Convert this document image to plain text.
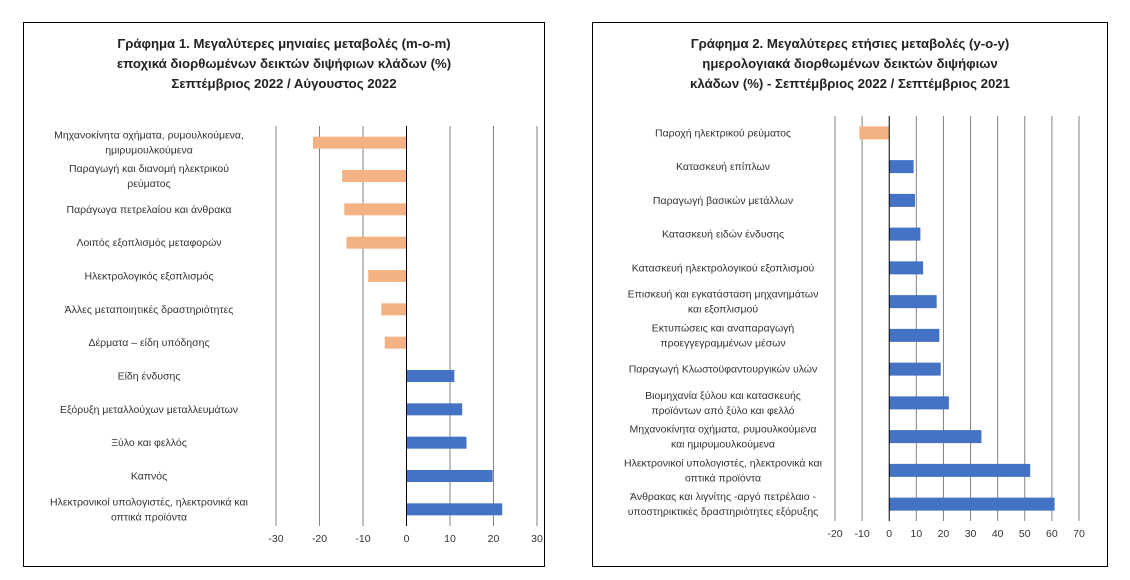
Γράφημα 1. Μεγαλύτερες μηνιαίες μεταβολές (m-o-m)
εποχικά διορθωμένων δεικτών διψήφιων κλάδων (%)
Σεπτέμβριος 2022 / Αύγουστος 2022
Μηχανοκίνητα οχήματα, ρυμουλκούμενα,
ημιρυμουλκούμενα
Παραγωγή και διανομή ηλεκτρικού
ρεύματος
Παράγωγα πετρελαίου και άνθρακα
Λοιπός εξοπλισμός μεταφορών
Ηλεκτρολογικός εξοπλισμός
Άλλες μεταποιητικές δραστηριότητες
Δέρματα – είδη υπόδησης
Είδη ένδυσης
Εξόρυξη μεταλλούχων μεταλλευμάτων
Ξύλο και φελλός
Καπνός
Ηλεκτρονικοί υπολογιστές, ηλεκτρονικά και
οπτικά προϊόντα
-30	-20	-10	0	10	20	30
Γράφημα 2. Μεγαλύτερες ετήσιες μεταβολές (y-o-y)
ημερολογιακά διορθωμένων δεικτών διψήφιων
κλάδων (%) - Σεπτέμβριος 2022 / Σεπτέμβριος 2021
Παροχή ηλεκτρικού ρεύματος
Κατασκευή επίπλων
Παραγωγή βασικών μετάλλων
Κατασκευή ειδών ένδυσης
Κατασκευή ηλεκτρολογικού εξοπλισμού
Επισκευή και εγκατάσταση μηχανημάτων
και εξοπλισμού
Εκτυπώσεις και αναπαραγωγή
προεγγεγραμμένων μέσων
Παραγωγή Κλωστοϋφαντουργικών υλών
Βιομηχανία ξύλου και κατασκευής
προϊόντων από ξύλο και φελλό
Μηχανοκίνητα οχήματα, ρυμουλκούμενα
και ημιρυμουλκούμενα
Ηλεκτρονικοί υπολογιστές, ηλεκτρονικά και
οπτικά προϊόντα
Άνθρακας και λιγνίτης -αργό πετρέλαιο -
υποστηρικτικές δραστηριότητες εξόρυξης
-20 -10 0 10 20 30 40 50 60 70
